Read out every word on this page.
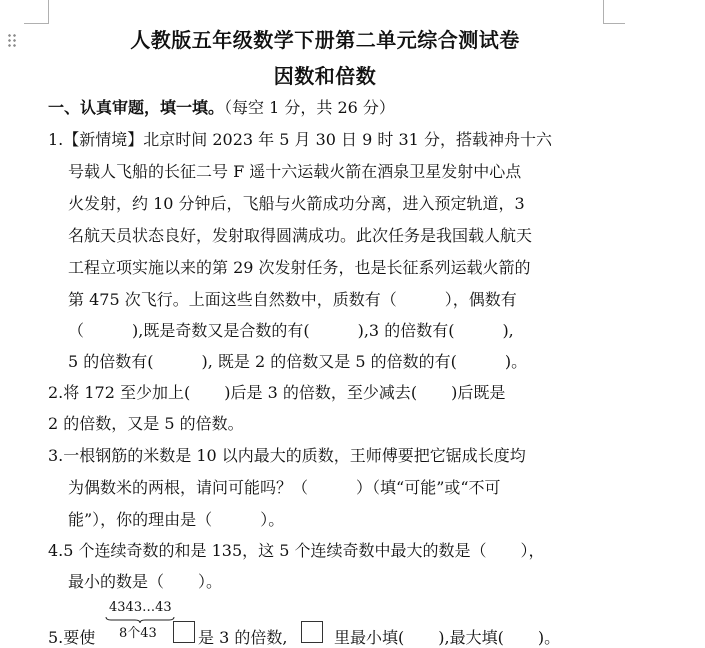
人教版五年级数学下册第二单元综合测试卷
因数和倍数
一、认真审题，填一填。（每空 1 分，共 26 分）
1.【新情境】北京时间 2023 年 5 月 30 日 9 时 31 分，搭载神舟十六
号载人飞船的长征二号 F 遥十六运载火箭在酒泉卫星发射中心点
火发射，约 10 分钟后，飞船与火箭成功分离，进入预定轨道，3
名航天员状态良好，发射取得圆满成功。此次任务是我国载人航天
工程立项实施以来的第 29 次发射任务，也是长征系列运载火箭的
第 475 次飞行。上面这些自然数中，质数有（	），偶数有
（	),既是奇数又是合数的有(	),3 的倍数有(	),
5 的倍数有(	), 既是 2 的倍数又是 5 的倍数的有(	)。
2.将 172 至少加上( )后是 3 的倍数，至少减去( )后既是
2 的倍数，又是 5 的倍数。
3.一根钢筋的米数是 10 以内最大的质数，王师傅要把它锯成长度均
为偶数米的两根，请问可能吗？（	）（填“可能”或“不可
能”），你的理由是（	）。
4.5 个连续奇数的和是 135，这 5 个连续奇数中最大的数是（ ），
最小的数是（ ）。
5.要使
4343…43
8个43	是 3 的倍数,	里最小填( ),最大填( )。
